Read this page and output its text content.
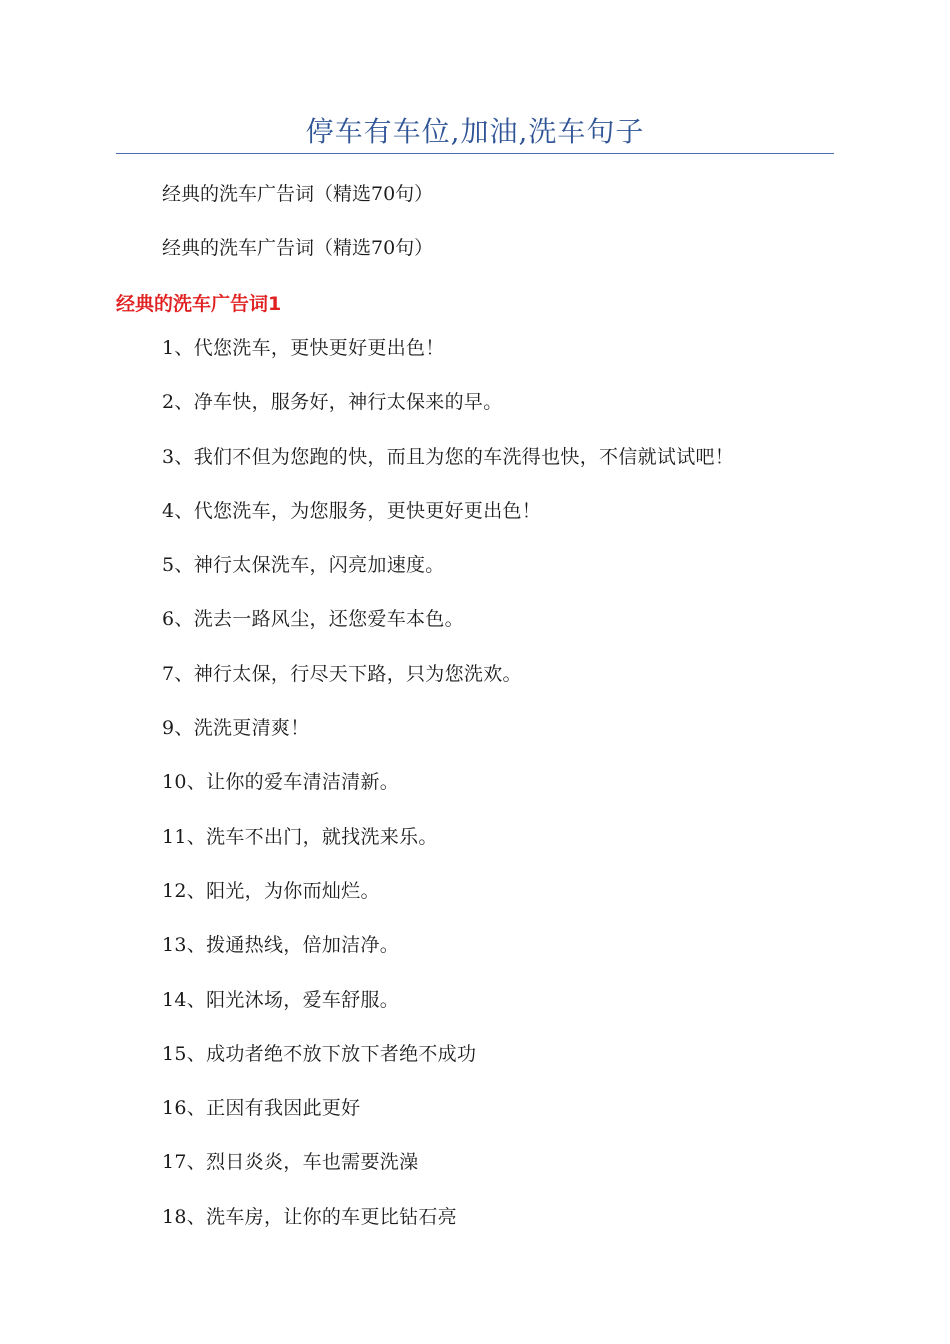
停车有车位,加油,洗车句子

经典的洗车广告词（精选70句）

经典的洗车广告词（精选70句）

经典的洗车广告词1
1、代您洗车，更快更好更出色！
2、净车快，服务好，神行太保来的早。
3、我们不但为您跑的快，而且为您的车洗得也快，不信就试试吧！
4、代您洗车，为您服务，更快更好更出色！
5、神行太保洗车，闪亮加速度。
6、洗去一路风尘，还您爱车本色。
7、神行太保，行尽天下路，只为您洗欢。
9、洗洗更清爽！
10、让你的爱车清洁清新。
11、洗车不出门，就找洗来乐。
12、阳光，为你而灿烂。
13、拨通热线，倍加洁净。
14、阳光沐场，爱车舒服。
15、成功者绝不放下放下者绝不成功
16、正因有我因此更好
17、烈日炎炎，车也需要洗澡
18、洗车房，让你的车更比钻石亮
